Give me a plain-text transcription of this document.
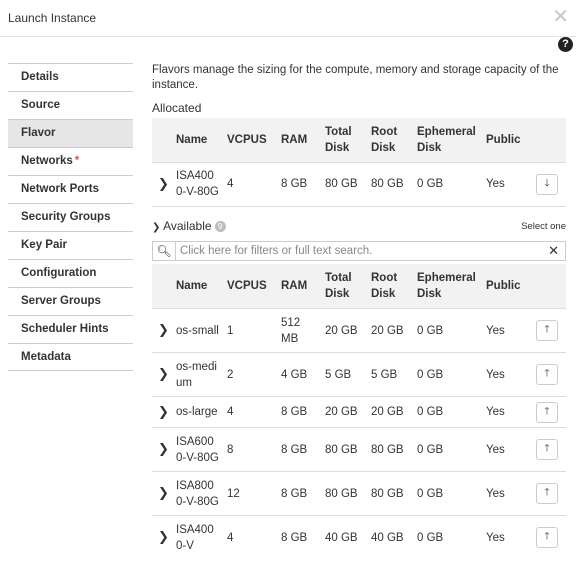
Launch Instance	✕
?
Details
Source
Flavor
Networks *
Network Ports
Security Groups
Key Pair
Configuration
Server Groups
Scheduler Hints
Metadata

Flavors manage the sizing for the compute, memory and storage capacity of the instance.

Allocated
	Name	VCPUS	RAM	Total Disk	Root Disk	Ephemeral Disk	Public	
❯	ISA4000-V-80G	4	8 GB	80 GB	80 GB	0 GB	Yes	🡓
❯ Available 9	Select one
🔍︎
Click here for filters or full text search.	✕
	Name	VCPUS	RAM	Total Disk	Root Disk	Ephemeral Disk	Public	
❯	os-small	1	512 MB	20 GB	20 GB	0 GB	Yes	🡑
❯	os-medium	2	4 GB	5 GB	5 GB	0 GB	Yes	🡑
❯	os-large	4	8 GB	20 GB	20 GB	0 GB	Yes	🡑
❯	ISA6000-V-80G	8	8 GB	80 GB	80 GB	0 GB	Yes	🡑
❯	ISA8000-V-80G	12	8 GB	80 GB	80 GB	0 GB	Yes	🡑
❯	ISA4000-V	4	8 GB	40 GB	40 GB	0 GB	Yes	🡑
